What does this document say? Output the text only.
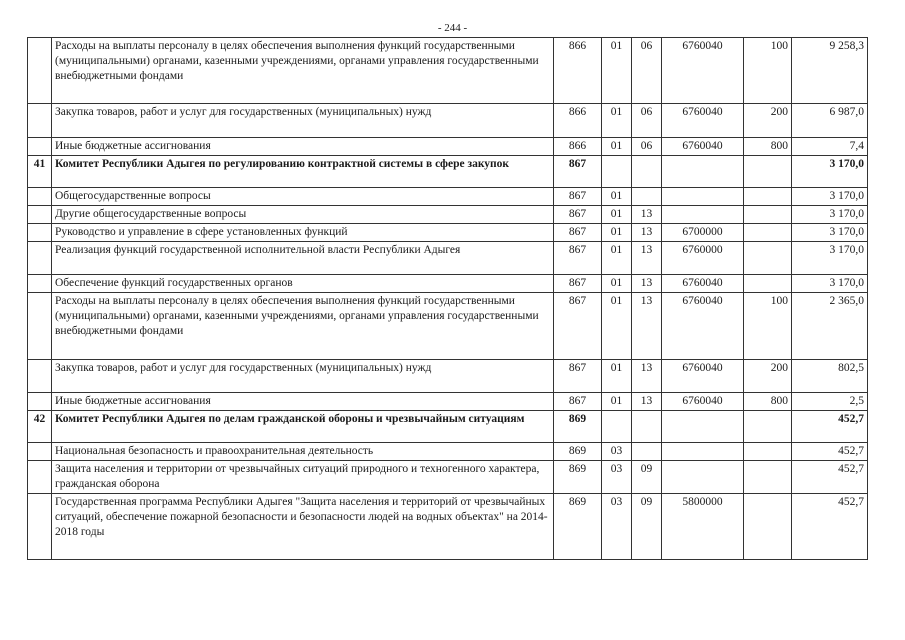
- 244 -
	Расходы на выплаты персоналу в целях обеспечения выполнения функций государственными (муниципальными) органами, казенными учреждениями, органами управления государственными внебюджетными фондами	866	01	06	6760040	100	9 258,3
	Закупка товаров, работ и услуг для государственных (муниципальных) нужд	866	01	06	6760040	200	6 987,0
	Иные бюджетные ассигнования	866	01	06	6760040	800	7,4
41	Комитет Республики Адыгея по регулированию контрактной системы в сфере закупок	867					3 170,0
	Общегосударственные вопросы	867	01				3 170,0
	Другие общегосударственные вопросы	867	01	13			3 170,0
	Руководство и управление в сфере установленных функций	867	01	13	6700000		3 170,0
	Реализация функций государственной исполнительной власти Республики Адыгея	867	01	13	6760000		3 170,0
	Обеспечение функций государственных органов	867	01	13	6760040		3 170,0
	Расходы на выплаты персоналу в целях обеспечения выполнения функций государственными (муниципальными) органами, казенными учреждениями, органами управления государственными внебюджетными фондами	867	01	13	6760040	100	2 365,0
	Закупка товаров, работ и услуг для государственных (муниципальных) нужд	867	01	13	6760040	200	802,5
	Иные бюджетные ассигнования	867	01	13	6760040	800	2,5
42	Комитет Республики Адыгея по делам гражданской обороны и чрезвычайным ситуациям	869					452,7
	Национальная безопасность и правоохранительная деятельность	869	03				452,7
	Защита населения и территории от чрезвычайных ситуаций природного и техногенного характера, гражданская оборона	869	03	09			452,7
	Государственная программа Республики Адыгея "Защита населения и территорий от чрезвычайных ситуаций, обеспечение пожарной безопасности и безопасности людей на водных объектах" на 2014-2018 годы	869	03	09	5800000		452,7
